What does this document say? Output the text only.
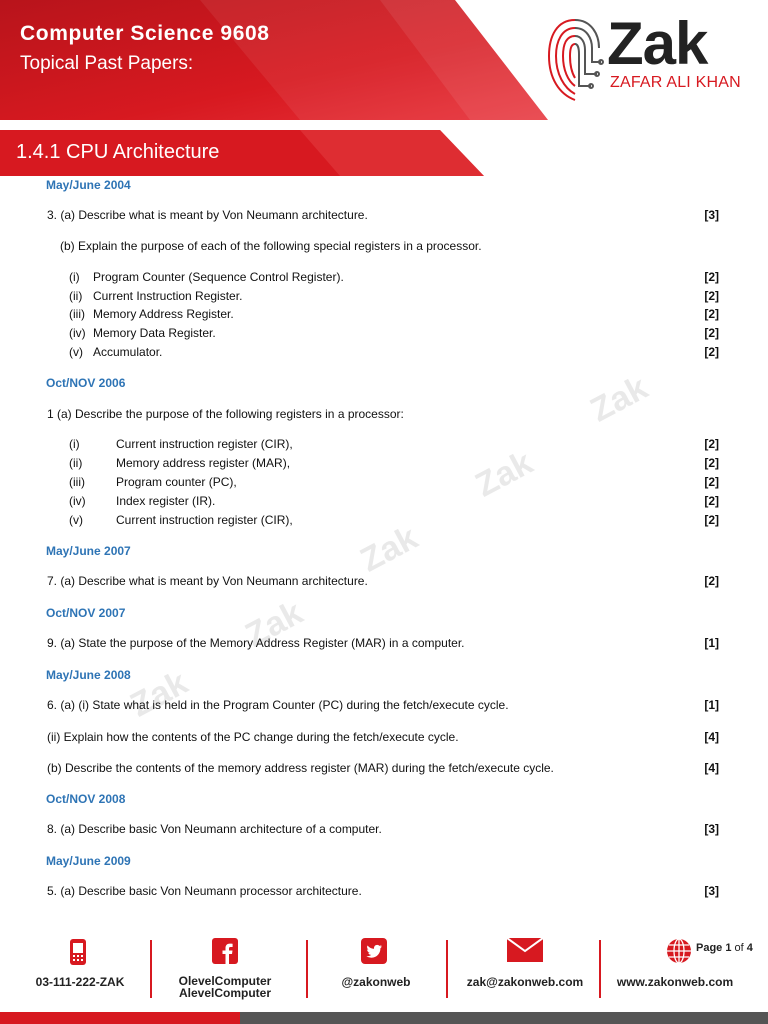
Computer Science 9608
Topical Past Papers:	Zak
ZAFAR ALI KHAN
1.4.1 CPU Architecture
Zak
Zak
Zak
Zak
Zak
May/June 2004
3. (a) Describe what is meant by Von Neumann architecture.	[3]
(b) Explain the purpose of each of the following special registers in a processor.
(i) Program Counter (Sequence Control Register).	[2]
(ii) Current Instruction Register.	[2]
(iii) Memory Address Register.	[2]
(iv) Memory Data Register.	[2]
(v) Accumulator.	[2]
Oct/NOV 2006
1 (a) Describe the purpose of the following registers in a processor:
(i)	Current instruction register (CIR),	[2]
(ii)	Memory address register (MAR),	[2]
(iii)	Program counter (PC),	[2]
(iv)	Index register (IR).	[2]
(v)	Current instruction register (CIR),	[2]
May/June 2007
7. (a) Describe what is meant by Von Neumann architecture.	[2]
Oct/NOV 2007
9. (a) State the purpose of the Memory Address Register (MAR) in a computer.	[1]
May/June 2008
6. (a) (i) State what is held in the Program Counter (PC) during the fetch/execute cycle.	[1]
(ii) Explain how the contents of the PC change during the fetch/execute cycle.	[4]
(b) Describe the contents of the memory address register (MAR) during the fetch/execute cycle.	[4]
Oct/NOV 2008
8. (a) Describe basic Von Neumann architecture of a computer.	[3]
May/June 2009
5. (a) Describe basic Von Neumann processor architecture.	[3]
03-111-222-ZAK	OlevelComputer
AlevelComputer
@zakonweb	zak@zakonweb.com
Page 1 of 4
www.zakonweb.com
